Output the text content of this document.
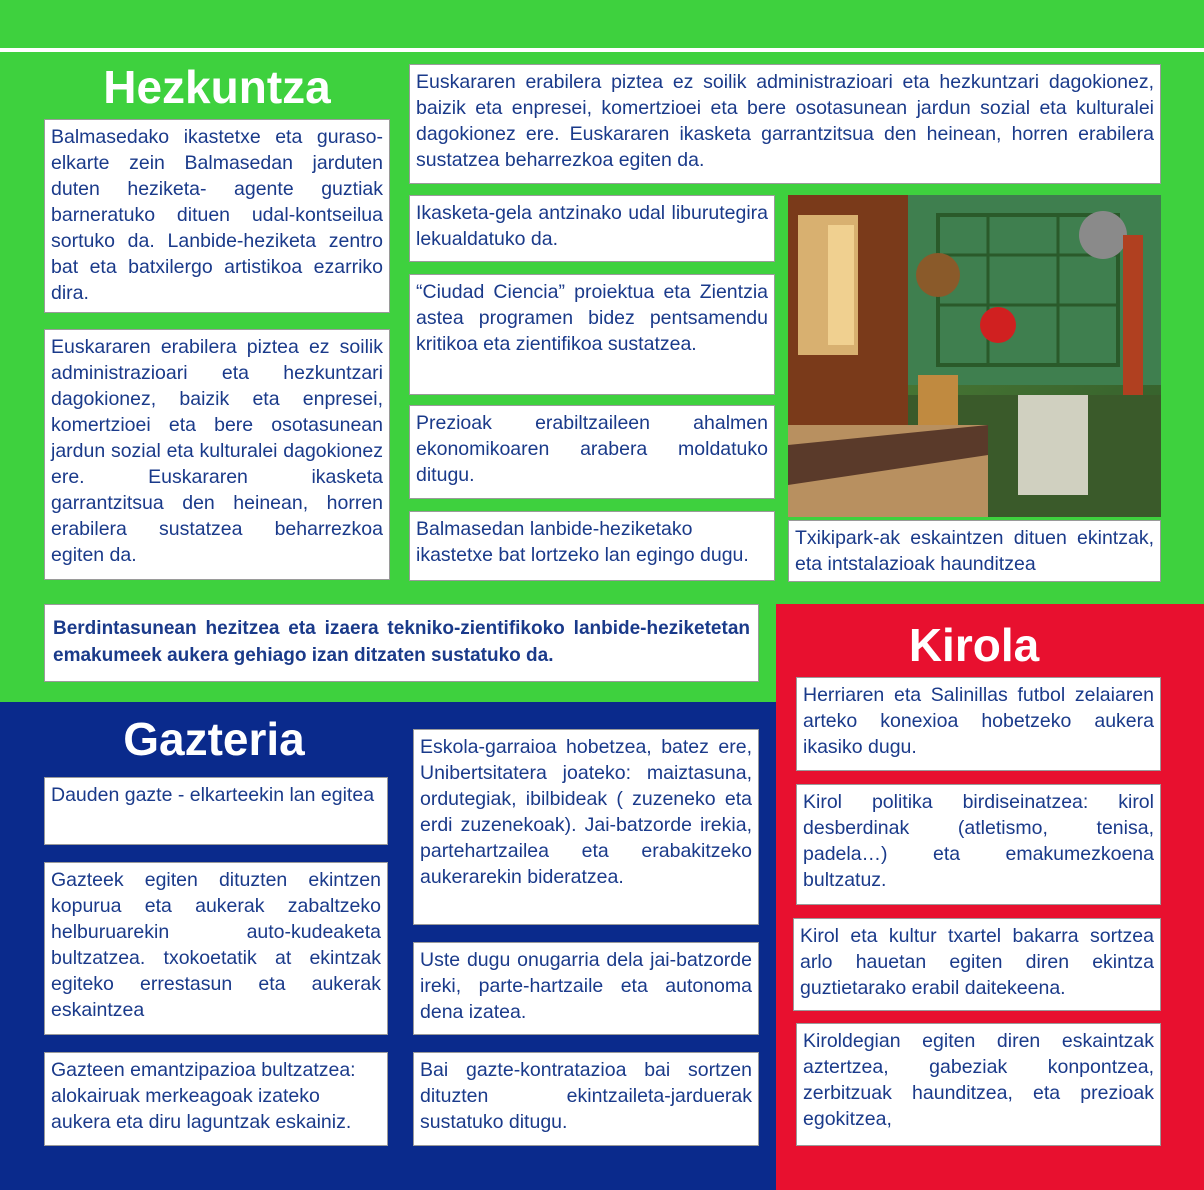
Hezkuntza
Balmasedako ikastetxe eta guraso-elkarte zein Balmasedan jarduten duten heziketa- agente guztiak barneratuko dituen udal-kontseilua sortuko da. Lanbide-heziketa zentro bat eta batxilergo artistikoa ezarriko dira.
Euskararen erabilera piztea ez soilik administrazioari eta hezkuntzari dagokionez, baizik eta enpresei, komertzioei eta bere osotasunean jardun sozial eta kulturalei dagokionez ere. Euskararen ikasketa garrantzitsua den heinean, horren erabilera sustatzea beharrezkoa egiten da.
Euskararen erabilera piztea ez soilik administrazioari eta hezkuntzari dagokionez, baizik eta enpresei, komertzioei eta bere osotasunean jardun sozial eta kulturalei dagokionez ere. Euskararen ikasketa garrantzitsua den heinean, horren erabilera sustatzea beharrezkoa egiten da.
Ikasketa-gela antzinako udal liburutegira lekualdatuko da.
“Ciudad Ciencia” proiektua eta Zientzia astea programen bidez pentsamendu kritikoa eta zientifikoa sustatzea.
Prezioak erabiltzaileen ahalmen ekonomikoaren arabera moldatuko ditugu.
Balmasedan lanbide-heziketako ikastetxe bat lortzeko lan egingo dugu.
Txikipark-ak eskaintzen dituen ekintzak, eta intstalazioak haunditzea
Berdintasunean hezitzea eta izaera tekniko-zientifikoko lanbide-heziketetan emakumeek aukera gehiago izan ditzaten sustatuko da.
Gazteria
Dauden gazte - elkarteekin lan egitea
Gazteek egiten dituzten ekintzen kopurua eta aukerak zabaltzeko helburuarekin auto-kudeaketa bultzatzea. txokoetatik at ekintzak egiteko errestasun eta aukerak eskaintzea
Gazteen emantzipazioa bultzatzea: alokairuak merkeagoak izateko aukera eta diru laguntzak eskainiz.
Eskola-garraioa hobetzea, batez ere, Unibertsitatera joateko: maiztasuna, ordutegiak, ibilbideak ( zuzeneko eta erdi zuzenekoak). Jai-batzorde irekia, partehartzailea eta erabakitzeko aukerarekin bideratzea.
Uste dugu onugarria dela jai-batzorde ireki, parte-hartzaile eta autonoma dena izatea.
Bai gazte-kontratazioa bai sortzen dituzten ekintzaileta-jarduerak sustatuko ditugu.
Kirola
Herriaren eta Salinillas futbol zelaiaren arteko konexioa hobetzeko aukera ikasiko dugu.
Kirol politika birdiseinatzea: kirol desberdinak (atletismo, tenisa, padela…) eta emakumezkoena bultzatuz.
Kirol eta kultur txartel bakarra sortzea arlo hauetan egiten diren ekintza guztietarako erabil daitekeena.
Kiroldegian egiten diren eskaintzak aztertzea, gabeziak konpontzea, zerbitzuak haunditzea, eta prezioak egokitzea,
